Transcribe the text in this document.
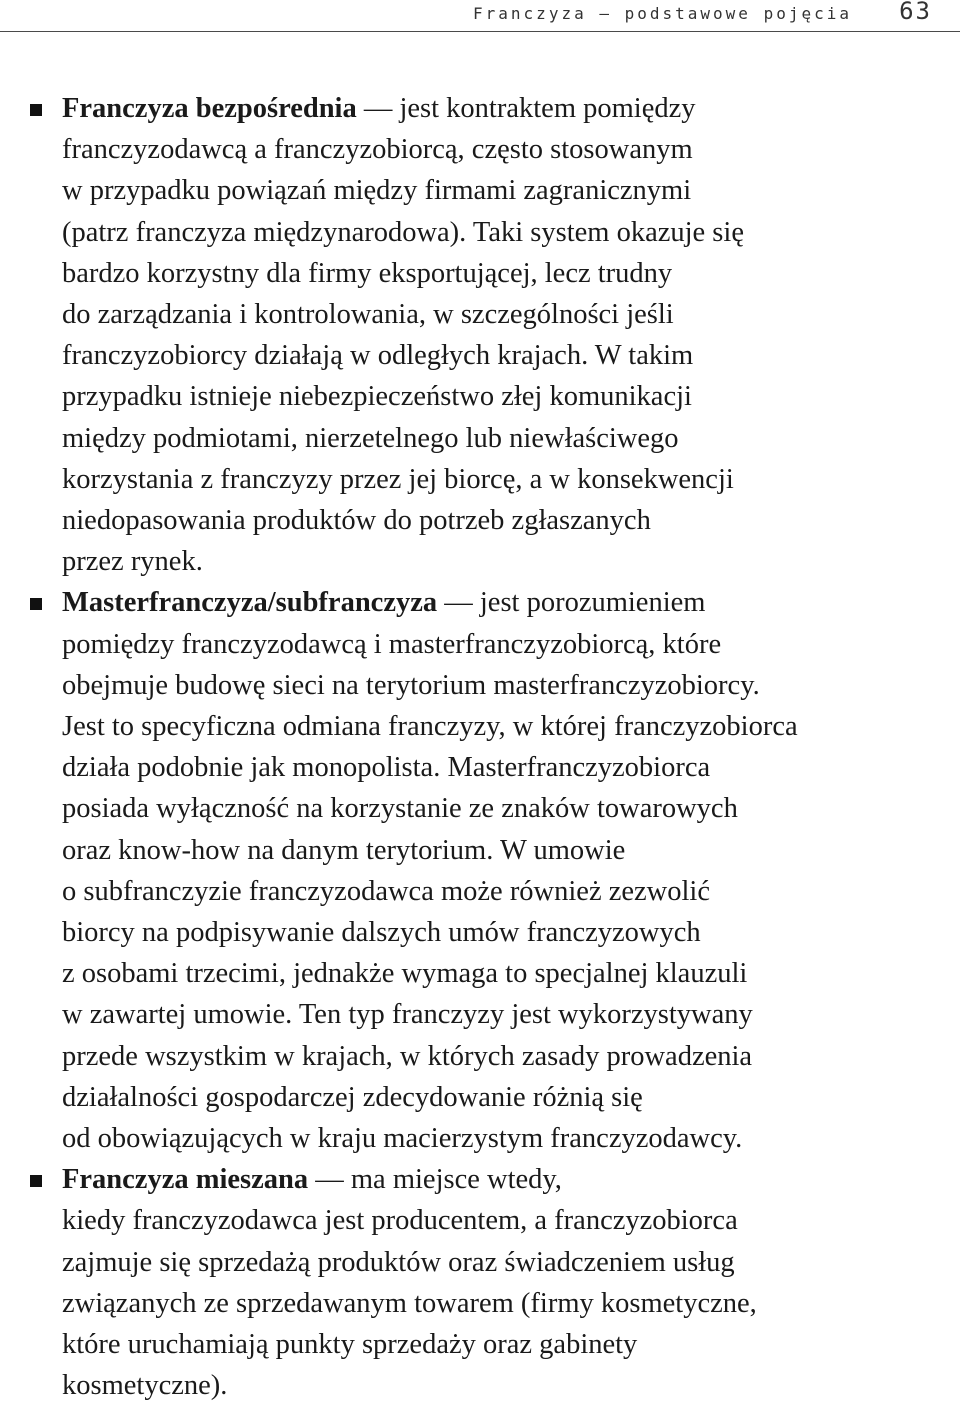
Franczyza — podstawowe pojęcia 63
Franczyza bezpośrednia — jest kontraktem pomiędzy
franczyzodawcą a franczyzobiorcą, często stosowanym
w przypadku powiązań między firmami zagranicznymi
(patrz franczyza międzynarodowa). Taki system okazuje się
bardzo korzystny dla firmy eksportującej, lecz trudny
do zarządzania i kontrolowania, w szczególności jeśli
franczyzobiorcy działają w odległych krajach. W takim
przypadku istnieje niebezpieczeństwo złej komunikacji
między podmiotami, nierzetelnego lub niewłaściwego
korzystania z franczyzy przez jej biorcę, a w konsekwencji
niedopasowania produktów do potrzeb zgłaszanych
przez rynek.
Masterfranczyza/subfranczyza — jest porozumieniem
pomiędzy franczyzodawcą i masterfranczyzobiorcą, które
obejmuje budowę sieci na terytorium masterfranczyzobiorcy.
Jest to specyficzna odmiana franczyzy, w której franczyzobiorca
działa podobnie jak monopolista. Masterfranczyzobiorca
posiada wyłączność na korzystanie ze znaków towarowych
oraz know-how na danym terytorium. W umowie
o subfranczyzie franczyzodawca może również zezwolić
biorcy na podpisywanie dalszych umów franczyzowych
z osobami trzecimi, jednakże wymaga to specjalnej klauzuli
w zawartej umowie. Ten typ franczyzy jest wykorzystywany
przede wszystkim w krajach, w których zasady prowadzenia
działalności gospodarczej zdecydowanie różnią się
od obowiązujących w kraju macierzystym franczyzodawcy.
Franczyza mieszana — ma miejsce wtedy,
kiedy franczyzodawca jest producentem, a franczyzobiorca
zajmuje się sprzedażą produktów oraz świadczeniem usług
związanych ze sprzedawanym towarem (firmy kosmetyczne,
które uruchamiają punkty sprzedaży oraz gabinety
kosmetyczne).
